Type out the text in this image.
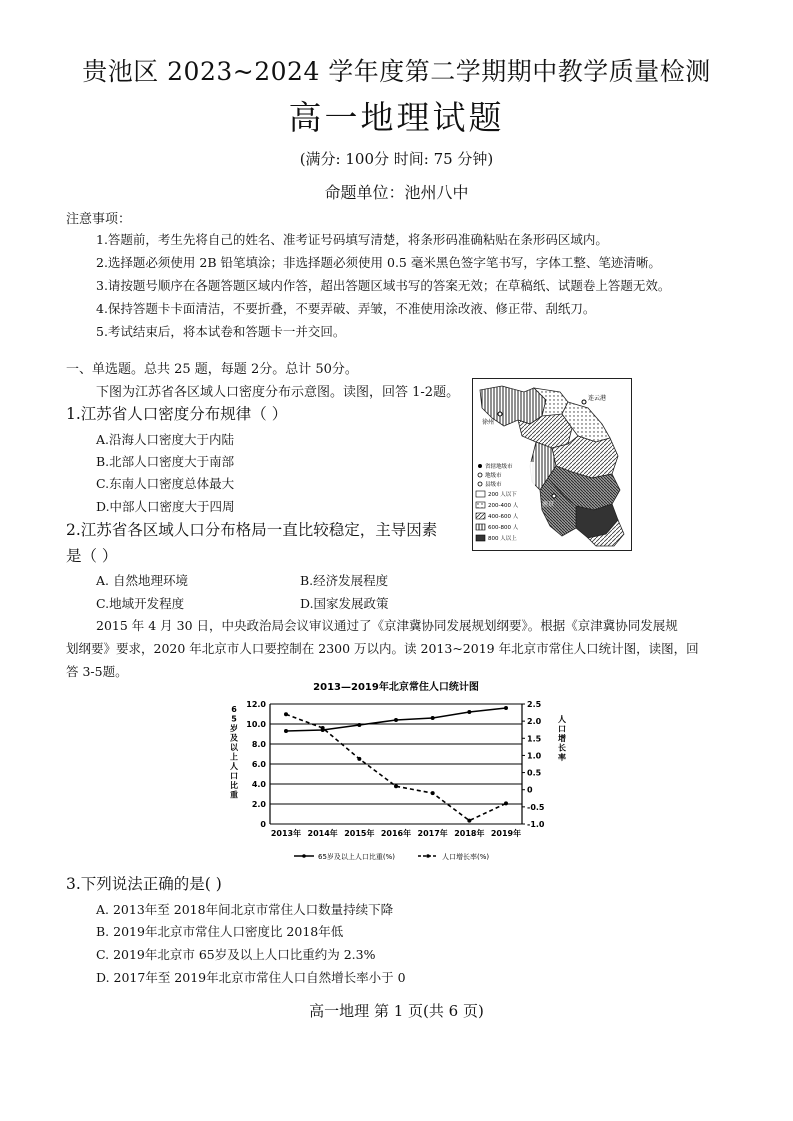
贵池区 2023~2024 学年度第二学期期中教学质量检测
高一地理试题
(满分: 100分 时间: 75 分钟)
命题单位：池州八中
注意事项：
1.答题前，考生先将自己的姓名、准考证号码填写清楚，将条形码准确粘贴在条形码区域内。
2.选择题必须使用 2B 铅笔填涂；非选择题必须使用 0.5 毫米黑色签字笔书写，字体工整、笔迹清晰。
3.请按题号顺序在各题答题区域内作答，超出答题区域书写的答案无效；在草稿纸、试题卷上答题无效。
4.保持答题卡卡面清洁，不要折叠，不要弄破、弄皱，不准使用涂改液、修正带、刮纸刀。
5.考试结束后，将本试卷和答题卡一并交回。
一、单选题。总共 25 题，每题 2分。总计 50分。
下图为江苏省各区域人口密度分布示意图。读图，回答 1-2题。
1.江苏省人口密度分布规律（ ）
A.沿海人口密度大于内陆
B.北部人口密度大于南部
C.东南人口密度总体最大
D.中部人口密度大于四周
2.江苏省各区域人口分布格局一直比较稳定，主导因素
是（ ）
A. 自然地理环境	B.经济发展程度
C.地域开发程度	D.国家发展政策
连云港
徐州
南京
省辖地级市
地级市
县级市
200 人以下
200-400 人
400-600 人
600-800 人
800 人以上
2015 年 4 月 30 日，中央政治局会议审议通过了《京津冀协同发展规划纲要》。根据《京津冀协同发展规
划纲要》要求，2020 年北京市人口要控制在 2300 万以内。读 2013~2019 年北京市常住人口统计图，读图，回
答 3-5题。
2013—2019年北京常住人口统计图
6 5 岁及以上人口比重
人口增长率
12.0
10.0
8.0
6.0
4.0
2.0
0
2.5
2.0
1.5
1.0
0.5
0
-0.5
-1.0
2013年 2014年 2015年 2016年 2017年 2018年 2019年
65岁及以上人口比重(%)	人口增长率(%)
3.下列说法正确的是( )
A. 2013年至 2018年间北京市常住人口数量持续下降
B. 2019年北京市常住人口密度比 2018年低
C. 2019年北京市 65岁及以上人口比重约为 2.3%
D. 2017年至 2019年北京市常住人口自然增长率小于 0
高一地理 第 1 页(共 6 页)
